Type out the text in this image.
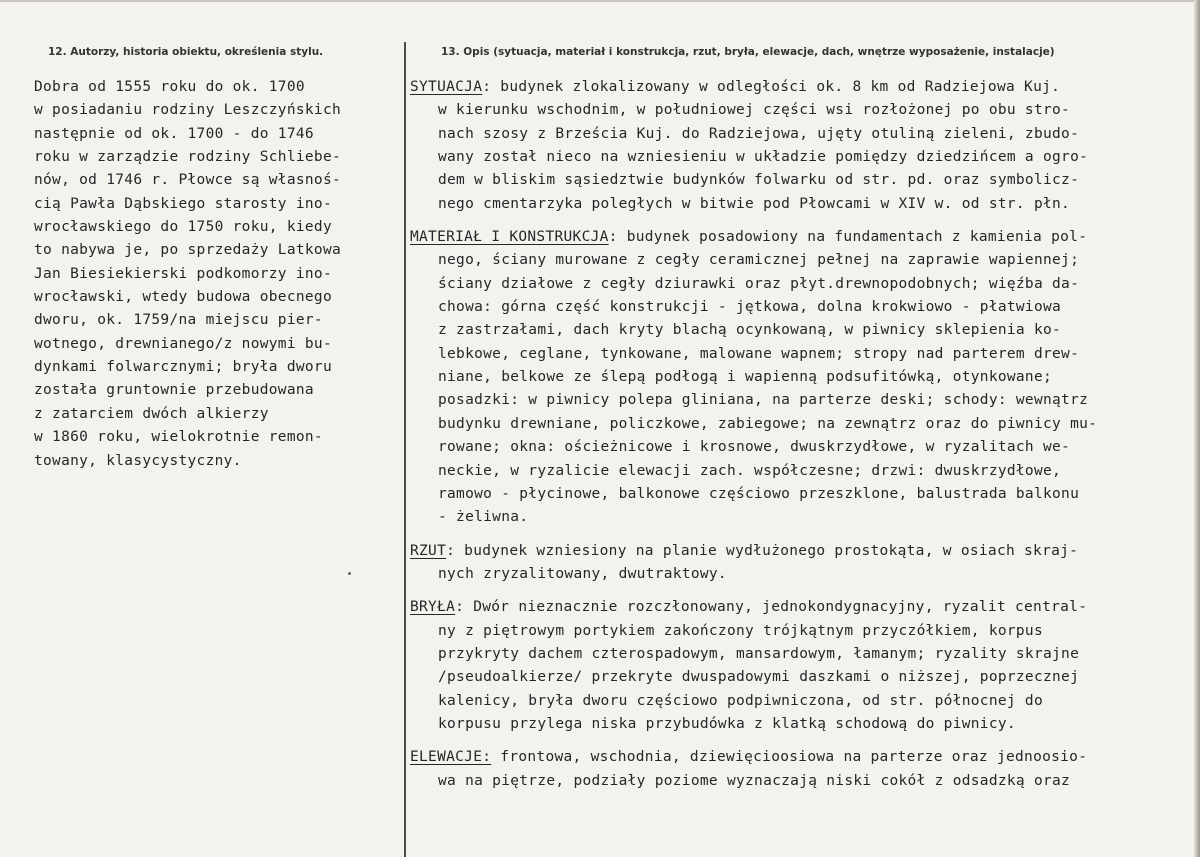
12. Autorzy, historia obiektu, określenia stylu.	13. Opis (sytuacja, materiał i konstrukcja, rzut, bryła, elewacje, dach, wnętrze wyposażenie, instalacje)
Dobra od 1555 roku do ok. 1700
w posiadaniu rodziny Leszczyńskich
następnie od ok. 1700 - do 1746
roku w zarządzie rodziny Schliebe-
nów, od 1746 r. Płowce są własnoś-
cią Pawła Dąbskiego starosty ino-
wrocławskiego do 1750 roku, kiedy
to nabywa je, po sprzedaży Latkowa
Jan Biesiekierski podkomorzy ino-
wrocławski, wtedy budowa obecnego
dworu, ok. 1759/na miejscu pier-
wotnego, drewnianego/z nowymi bu-
dynkami folwarcznymi; bryła dworu
została gruntownie przebudowana
z zatarciem dwóch alkierzy
w 1860 roku, wielokrotnie remon-
towany, klasycystyczny.
SYTUACJA: budynek zlokalizowany w odległości ok. 8 km od Radziejowa Kuj.
w kierunku wschodnim, w południowej części wsi rozłożonej po obu stro-
nach szosy z Brześcia Kuj. do Radziejowa, ujęty otuliną zieleni, zbudo-
wany został nieco na wzniesieniu w układzie pomiędzy dziedzińcem a ogro-
dem w bliskim sąsiedztwie budynków folwarku od str. pd. oraz symbolicz-
nego cmentarzyka poległych w bitwie pod Płowcami w XIV w. od str. płn.
MATERIAŁ I KONSTRUKCJA: budynek posadowiony na fundamentach z kamienia pol-
nego, ściany murowane z cegły ceramicznej pełnej na zaprawie wapiennej;
ściany działowe z cegły dziurawki oraz płyt.drewnopodobnych; więźba da-
chowa: górna część konstrukcji - jętkowa, dolna krokwiowo - płatwiowa
z zastrzałami, dach kryty blachą ocynkowaną, w piwnicy sklepienia ko-
lebkowe, ceglane, tynkowane, malowane wapnem; stropy nad parterem drew-
niane, belkowe ze ślepą podłogą i wapienną podsufitówką, otynkowane;
posadzki: w piwnicy polepa gliniana, na parterze deski; schody: wewnątrz
budynku drewniane, policzkowe, zabiegowe; na zewnątrz oraz do piwnicy mu-
rowane; okna: ościeżnicowe i krosnowe, dwuskrzydłowe, w ryzalitach we-
neckie, w ryzalicie elewacji zach. współczesne; drzwi: dwuskrzydłowe,
ramowo - płycinowe, balkonowe częściowo przeszklone, balustrada balkonu
- żeliwna.
RZUT: budynek wzniesiony na planie wydłużonego prostokąta, w osiach skraj-
nych zryzalitowany, dwutraktowy.
BRYŁA: Dwór nieznacznie rozczłonowany, jednokondygnacyjny, ryzalit central-
ny z piętrowym portykiem zakończony trójkątnym przyczółkiem, korpus
przykryty dachem czterospadowym, mansardowym, łamanym; ryzality skrajne
/pseudoalkierze/ przekryte dwuspadowymi daszkami o niższej, poprzecznej
kalenicy, bryła dworu częściowo podpiwniczona, od str. północnej do
korpusu przylega niska przybudówka z klatką schodową do piwnicy.
ELEWACJE: frontowa, wschodnia, dziewięcioosiowa na parterze oraz jednoosio-
wa na piętrze, podziały poziome wyznaczają niski cokół z odsadzką oraz
